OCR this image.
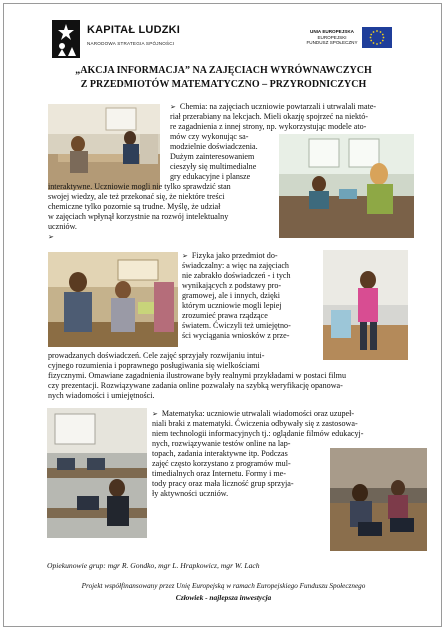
KAPITAŁ LUDZKI
NARODOWA STRATEGIA SPÓJNOŚCI
UNIA EUROPEJSKA
EUROPEJSKI
FUNDUSZ SPOŁECZNY
„AKCJA INFORMACJA” NA ZAJĘCIACH WYRÓWNAWCZYCH
Z PRZEDMIOTÓW MATEMATYCZNO – PRZYRODNICZYCH
➢ Chemia: na zajęciach uczniowie powtarzali i utrwalali mate-
riał przerabiany na lekcjach. Mieli okazję spojrzeć na niektó-
re zagadnienia z innej strony, np. wykorzystując modele ato-
mów czy wykonując sa-
modzielnie doświadczenia.
Dużym zainteresowaniem
cieszyły się multimedialne
gry edukacyjne i plansze
interaktywne. Uczniowie mogli nie tylko sprawdzić stan
swojej wiedzy, ale też przekonać się, że niektóre treści
chemiczne tylko pozornie są trudne. Myślę, że udział
w zajęciach wpłynął korzystnie na rozwój intelektualny
uczniów.
➢
➢ Fizyka jako przedmiot do-
świadczalny: a więc na zajęciach
nie zabrakło doświadczeń - i tych
wynikających z podstawy pro-
gramowej, ale i innych, dzięki
którym uczniowie mogli lepiej
zrozumieć prawa rządzące
światem. Ćwiczyli też umiejętno-
ści wyciągania wniosków z prze-
prowadzanych doświadczeń. Cele zajęć sprzyjały rozwijaniu intui-
cyjnego rozumienia i poprawnego posługiwania się wielkościami
fizycznymi. Omawiane zagadnienia ilustrowane były realnymi przykładami w postaci filmu
czy prezentacji. Rozwiązywane zadania online pozwalały na szybką weryfikację opanowa-
nych wiadomości i umiejętności.
➢ Matematyka: uczniowie utrwalali wiadomości oraz uzupeł-
niali braki z matematyki. Ćwiczenia odbywały się z zastosowa-
niem technologii informacyjnych tj.: oglądanie filmów edukacyj-
nych, rozwiązywanie testów online na lap-
topach, zadania interaktywne itp. Podczas
zajęć często korzystano z programów mul-
timedialnych oraz Internetu. Formy i me-
tody pracy oraz mała liczność grup sprzyja-
ły aktywności uczniów.
Opiekunowie grup: mgr R. Gondko, mgr L. Hrapkowicz, mgr W. Lach
Projekt współfinansowany przez Unię Europejską w ramach Europejskiego Funduszu Społecznego
Człowiek - najlepsza inwestycja
